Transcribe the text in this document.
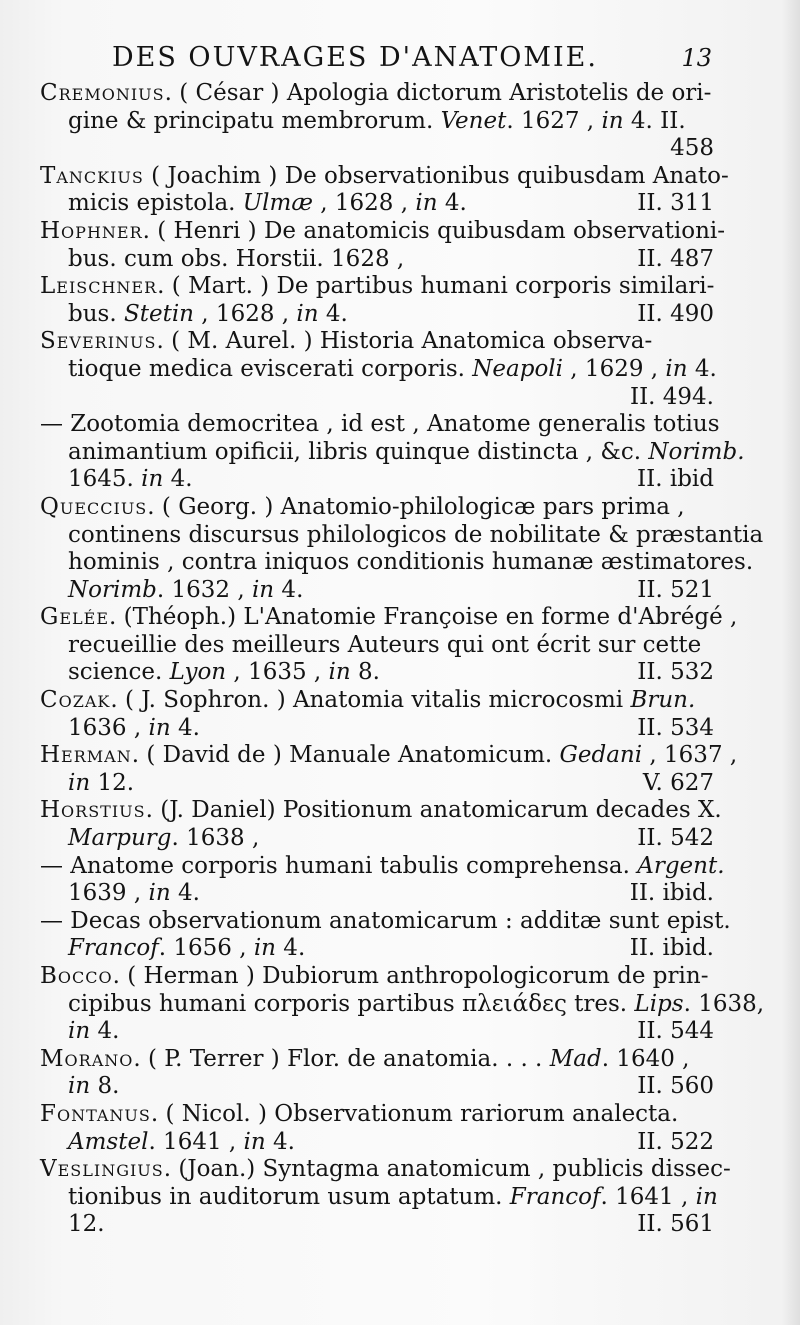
DES OUVRAGES D'ANATOMIE.	13
Cremonius. ( César ) Apologia dictorum Aristotelis de ori-
gine & principatu membrorum. Venet. 1627 , in 4. II.
458
Tanckius ( Joachim ) De observationibus quibusdam Anato-
micis epistola. Ulmæ , 1628 , in 4.	II. 311
Hophner. ( Henri ) De anatomicis quibusdam observationi-
bus. cum obs. Horstii. 1628 ,	II. 487
Leischner. ( Mart. ) De partibus humani corporis similari-
bus. Stetin , 1628 , in 4.	II. 490
Severinus. ( M. Aurel. ) Historia Anatomica observa-
tioque medica eviscerati corporis. Neapoli , 1629 , in 4.
II. 494.
— Zootomia democritea , id est , Anatome generalis totius
animantium opificii, libris quinque distincta , &c. Norimb.
1645. in 4.	II. ibid
Queccius. ( Georg. ) Anatomio-philologicæ pars prima ,
continens discursus philologicos de nobilitate & præstantia
hominis , contra iniquos conditionis humanæ æstimatores.
Norimb. 1632 , in 4.	II. 521
Gelée. (Théoph.) L'Anatomie Françoise en forme d'Abrégé ,
recueillie des meilleurs Auteurs qui ont écrit sur cette
science. Lyon , 1635 , in 8.	II. 532
Cozak. ( J. Sophron. ) Anatomia vitalis microcosmi Brun.
1636 , in 4.	II. 534
Herman. ( David de ) Manuale Anatomicum. Gedani , 1637 ,
in 12.	V. 627
Horstius. (J. Daniel) Positionum anatomicarum decades X.
Marpurg. 1638 ,	II. 542
— Anatome corporis humani tabulis comprehensa. Argent.
1639 , in 4.	II. ibid.
— Decas observationum anatomicarum : additæ sunt epist.
Francof. 1656 , in 4.	II. ibid.
Bocco. ( Herman ) Dubiorum anthropologicorum de prin-
cipibus humani corporis partibus πλειάδες tres. Lips. 1638,
in 4.	II. 544
Morano. ( P. Terrer ) Flor. de anatomia. . . . Mad. 1640 ,
in 8.	II. 560
Fontanus. ( Nicol. ) Observationum rariorum analecta.
Amstel. 1641 , in 4.	II. 522
Veslingius. (Joan.) Syntagma anatomicum , publicis dissec-
tionibus in auditorum usum aptatum. Francof. 1641 , in
12.	II. 561
